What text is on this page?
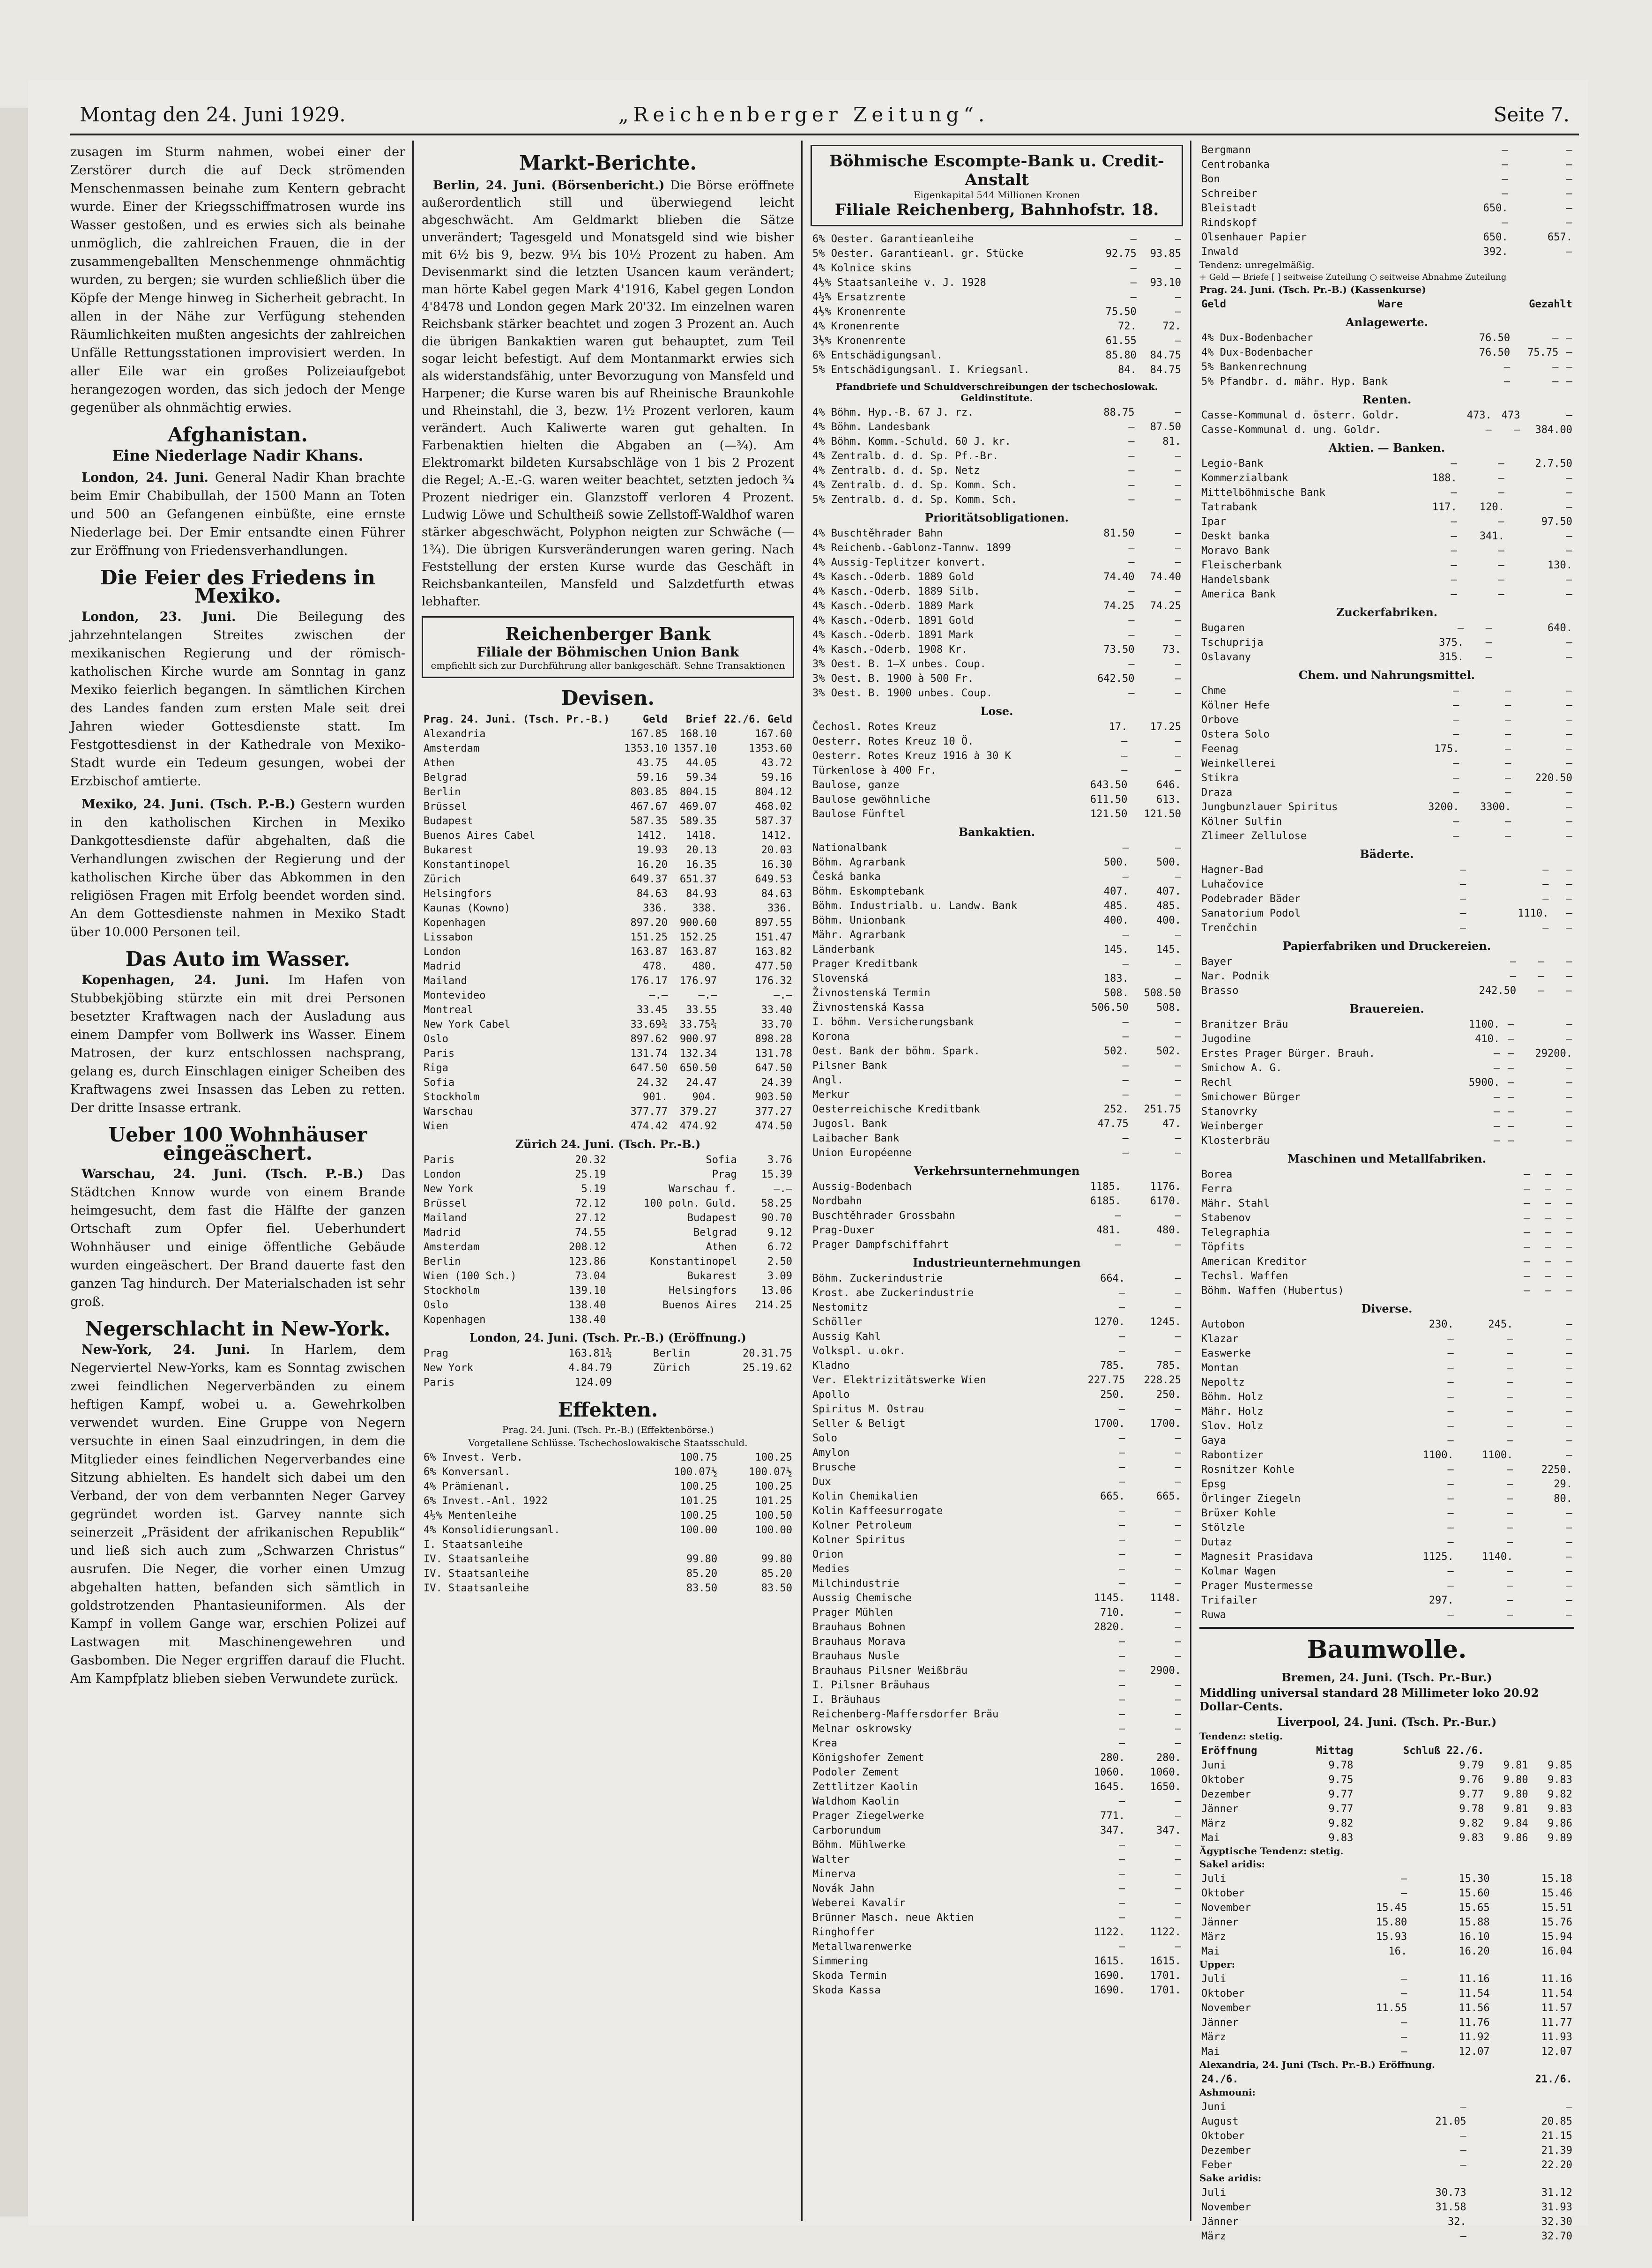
Montag den 24. Juni 1929.	„Reichenberger Zeitung“.	Seite 7.

zusagen im Sturm nahmen, wobei einer der Zerstörer durch die auf Deck strömenden Menschenmassen beinahe zum Kentern gebracht wurde. Einer der Kriegsschiffmatrosen wurde ins Wasser gestoßen, und es erwies sich als beinahe unmöglich, die zahlreichen Frauen, die in der zusammengeballten Menschenmenge ohnmächtig wurden, zu bergen; sie wurden schließlich über die Köpfe der Menge hinweg in Sicherheit gebracht. In allen in der Nähe zur Verfügung stehenden Räumlichkeiten mußten angesichts der zahlreichen Unfälle Rettungsstationen improvisiert werden. In aller Eile war ein großes Polizeiaufgebot herangezogen worden, das sich jedoch der Menge gegenüber als ohnmächtig erwies.

Afghanistan.
Eine Niederlage Nadir Khans.

London, 24. Juni. General Nadir Khan brachte beim Emir Chabibullah, der 1500 Mann an Toten und 500 an Gefangenen einbüßte, eine ernste Niederlage bei. Der Emir entsandte einen Führer zur Eröffnung von Friedensverhandlungen.

Die Feier des Friedens in Mexiko.

London, 23. Juni. Die Beilegung des jahrzehntelangen Streites zwischen der mexikanischen Regierung und der römisch-katholischen Kirche wurde am Sonntag in ganz Mexiko feierlich begangen. In sämtlichen Kirchen des Landes fanden zum ersten Male seit drei Jahren wieder Gottesdienste statt. Im Festgottesdienst in der Kathedrale von Mexiko-Stadt wurde ein Tedeum gesungen, wobei der Erzbischof amtierte.

Mexiko, 24. Juni. (Tsch. P.-B.) Gestern wurden in den katholischen Kirchen in Mexiko Dankgottesdienste dafür abgehalten, daß die Verhandlungen zwischen der Regierung und der katholischen Kirche über das Abkommen in den religiösen Fragen mit Erfolg beendet worden sind. An dem Gottesdienste nahmen in Mexiko Stadt über 10.000 Personen teil.

Das Auto im Wasser.

Kopenhagen, 24. Juni. Im Hafen von Stubbekjöbing stürzte ein mit drei Personen besetzter Kraftwagen nach der Ausladung aus einem Dampfer vom Bollwerk ins Wasser. Einem Matrosen, der kurz entschlossen nachsprang, gelang es, durch Einschlagen einiger Scheiben des Kraftwagens zwei Insassen das Leben zu retten. Der dritte Insasse ertrank.

Ueber 100 Wohnhäuser eingeäschert.

Warschau, 24. Juni. (Tsch. P.-B.) Das Städtchen Knnow wurde von einem Brande heimgesucht, dem fast die Hälfte der ganzen Ortschaft zum Opfer fiel. Ueberhundert Wohnhäuser und einige öffentliche Gebäude wurden eingeäschert. Der Brand dauerte fast den ganzen Tag hindurch. Der Materialschaden ist sehr groß.

Negerschlacht in New-York.

New-York, 24. Juni. In Harlem, dem Negerviertel New-Yorks, kam es Sonntag zwischen zwei feindlichen Negerverbänden zu einem heftigen Kampf, wobei u. a. Gewehrkolben verwendet wurden. Eine Gruppe von Negern versuchte in einen Saal einzudringen, in dem die Mitglieder eines feindlichen Negerverbandes eine Sitzung abhielten. Es handelt sich dabei um den Verband, der von dem verbannten Neger Garvey gegründet worden ist. Garvey nannte sich seinerzeit „Präsident der afrikanischen Republik“ und ließ sich auch zum „Schwarzen Christus“ ausrufen. Die Neger, die vorher einen Umzug abgehalten hatten, befanden sich sämtlich in goldstrotzenden Phantasieuniformen. Als der Kampf in vollem Gange war, erschien Polizei auf Lastwagen mit Maschinengewehren und Gasbomben. Die Neger ergriffen darauf die Flucht. Am Kampfplatz blieben sieben Verwundete zurück.

Markt-Berichte.

Berlin, 24. Juni. (Börsenbericht.) Die Börse eröffnete außerordentlich still und überwiegend leicht abgeschwächt. Am Geldmarkt blieben die Sätze unverändert; Tagesgeld und Monatsgeld sind wie bisher mit 6½ bis 9, bezw. 9¼ bis 10½ Prozent zu haben. Am Devisenmarkt sind die letzten Usancen kaum verändert; man hörte Kabel gegen Mark 4'1916, Kabel gegen London 4'8478 und London gegen Mark 20'32. Im einzelnen waren Reichsbank stärker beachtet und zogen 3 Prozent an. Auch die übrigen Bankaktien waren gut behauptet, zum Teil sogar leicht befestigt. Auf dem Montanmarkt erwies sich als widerstandsfähig, unter Bevorzugung von Mansfeld und Harpener; die Kurse waren bis auf Rheinische Braunkohle und Rheinstahl, die 3, bezw. 1½ Prozent verloren, kaum verändert. Auch Kaliwerte waren gut gehalten. In Farbenaktien hielten die Abgaben an (—¾). Am Elektromarkt bildeten Kursabschläge von 1 bis 2 Prozent die Regel; A.-E.-G. waren weiter beachtet, setzten jedoch ¾ Prozent niedriger ein. Glanzstoff verloren 4 Prozent. Ludwig Löwe und Schultheiß sowie Zellstoff-Waldhof waren stärker abgeschwächt, Polyphon neigten zur Schwäche (—1¾). Die übrigen Kursveränderungen waren gering. Nach Feststellung der ersten Kurse wurde das Geschäft in Reichsbankanteilen, Mansfeld und Salzdetfurth etwas lebhafter.

Reichenberger Bank
Filiale der Böhmischen Union Bank
empfiehlt sich zur Durchführung aller bankgeschäft. Sehne Transaktionen
Devisen.
Prag. 24. Juni. (Tsch. Pr.-B.)	Geld	Brief	22./6. Geld
Alexandria	167.85	168.10	167.60
Amsterdam	1353.10	1357.10	1353.60
Athen	43.75	44.05	43.72
Belgrad	59.16	59.34	59.16
Berlin	803.85	804.15	804.12
Brüssel	467.67	469.07	468.02
Budapest	587.35	589.35	587.37
Buenos Aires Cabel	1412.	1418.	1412.
Bukarest	19.93	20.13	20.03
Konstantinopel	16.20	16.35	16.30
Zürich	649.37	651.37	649.53
Helsingfors	84.63	84.93	84.63
Kaunas (Kowno)	336.	338.	336.
Kopenhagen	897.20	900.60	897.55
Lissabon	151.25	152.25	151.47
London	163.87	163.87	163.82
Madrid	478.	480.	477.50
Mailand	176.17	176.97	176.32
Montevideo	—.—	—.—	—.—
Montreal	33.45	33.55	33.40
New York Cabel	33.69¾	33.75¾	33.70
Oslo	897.62	900.97	898.28
Paris	131.74	132.34	131.78
Riga	647.50	650.50	647.50
Sofia	24.32	24.47	24.39
Stockholm	901.	904.	903.50
Warschau	377.77	379.27	377.27
Wien	474.42	474.92	474.50
Zürich 24. Juni. (Tsch. Pr.-B.)
Paris	20.32	Sofia	3.76
London	25.19	Prag	15.39
New York	5.19	Warschau f.	—.—
Brüssel	72.12	100 poln. Guld.	58.25
Mailand	27.12	Budapest	90.70
Madrid	74.55	Belgrad	9.12
Amsterdam	208.12	Athen	6.72
Berlin	123.86	Konstantinopel	2.50
Wien (100 Sch.)	73.04	Bukarest	3.09
Stockholm	139.10	Helsingfors	13.06
Oslo	138.40	Buenos Aires	214.25
Kopenhagen	138.40		
London, 24. Juni. (Tsch. Pr.-B.) (Eröffnung.)
Prag	163.81¾	Berlin	20.31.75
New York	4.84.79	Zürich	25.19.62
Paris	124.09		
Effekten.
Prag. 24. Juni. (Tsch. Pr.-B.) (Effektenbörse.)
Vorgetallene Schlüsse. Tschechoslowakische Staatsschuld.
6% Invest. Verb.	100.75	100.25
6% Konversanl.	100.07½	100.07½
4% Prämienanl.	100.25	100.25
6% Invest.-Anl. 1922	101.25	101.25
4½% Mentenleihe	100.25	100.50
4% Konsolidierungsanl.	100.00	100.00
I. Staatsanleihe		
IV. Staatsanleihe	99.80	99.80
IV. Staatsanleihe	85.20	85.20
IV. Staatsanleihe	83.50	83.50
Böhmische Escompte-Bank u. Credit-Anstalt
Eigenkapital 544 Millionen Kronen
Filiale Reichenberg, Bahnhofstr. 18.
6% Oester. Garantieanleihe	—	—
5% Oester. Garantieanl. gr. Stücke	92.75	93.85
4% Kolnice skins	—	—
4½% Staatsanleihe v. J. 1928	—	93.10
4½% Ersatzrente	—	—
4½% Kronenrente	75.50	—
4% Kronenrente	72.	72.
3½% Kronenrente	61.55	—
6% Entschädigungsanl.	85.80	84.75
5% Entschädigungsanl. I. Kriegsanl.	84.	84.75
Pfandbriefe und Schuldverschreibungen der tschechoslowak. Geldinstitute.
4% Böhm. Hyp.-B. 67 J. rz.	88.75	—
4% Böhm. Landesbank	—	87.50
4% Böhm. Komm.-Schuld. 60 J. kr.	—	81.
4% Zentralb. d. d. Sp. Pf.-Br.	—	—
4% Zentralb. d. d. Sp. Netz	—	—
4% Zentralb. d. d. Sp. Komm. Sch.	—	—
5% Zentralb. d. d. Sp. Komm. Sch.	—	—
Prioritätsobligationen.
4% Buschtěhrader Bahn	81.50	—
4% Reichenb.-Gablonz-Tannw. 1899	—	—
4% Aussig-Teplitzer konvert.	—	—
4% Kasch.-Oderb. 1889 Gold	74.40	74.40
4% Kasch.-Oderb. 1889 Silb.	—	—
4% Kasch.-Oderb. 1889 Mark	74.25	74.25
4% Kasch.-Oderb. 1891 Gold	—	—
4% Kasch.-Oderb. 1891 Mark	—	—
4% Kasch.-Oderb. 1908 Kr.	73.50	73.
3% Oest. B. 1—X unbes. Coup.	—	—
3% Oest. B. 1900 à 500 Fr.	642.50	—
3% Oest. B. 1900 unbes. Coup.	—	—
Lose.
Čechosl. Rotes Kreuz	17.	17.25
Oesterr. Rotes Kreuz 10 Ö.	—	—
Oesterr. Rotes Kreuz 1916 à 30 K	—	—
Türkenlose à 400 Fr.	—	—
Baulose, ganze	643.50	646.
Baulose gewöhnliche	611.50	613.
Baulose Fünftel	121.50	121.50
Bankaktien.
Nationalbank	—	—
Böhm. Agrarbank	500.	500.
Česká banka	—	—
Böhm. Eskomptebank	407.	407.
Böhm. Industrialb. u. Landw. Bank	485.	485.
Böhm. Unionbank	400.	400.
Mähr. Agrarbank	—	—
Länderbank	145.	145.
Prager Kreditbank	—	—
Slovenská	183.	—
Živnostenská Termin	508.	508.50
Živnostenská Kassa	506.50	508.
I. böhm. Versicherungsbank	—	—
Korona	—	—
Oest. Bank der böhm. Spark.	502.	502.
Pilsner Bank	—	—
Angl.	—	—
Merkur	—	—
Oesterreichische Kreditbank	252.	251.75
Jugosl. Bank	47.75	47.
Laibacher Bank	—	—
Union Européenne	—	—
Verkehrsunternehmungen
Aussig-Bodenbach	1185.	1176.
Nordbahn	6185.	6170.
Buschtěhrader Grossbahn	—	—
Prag-Duxer	481.	480.
Prager Dampfschiffahrt	—	—
Industrieunternehmungen
Böhm. Zuckerindustrie	664.	—
Krost. abe Zuckerindustrie	—	—
Nestomitz	—	—
Schöller	1270.	1245.
Aussig Kahl	—	—
Volkspl. u.okr.	—	—
Kladno	785.	785.
Ver. Elektrizitätswerke Wien	227.75	228.25
Apollo	250.	250.
Spiritus M. Ostrau	—	—
Seller & Beligt	1700.	1700.
Solo	—	—
Amylon	—	—
Brusche	—	—
Dux	—	—
Kolin Chemikalien	665.	665.
Kolin Kaffeesurrogate	—	—
Kolner Petroleum	—	—
Kolner Spiritus	—	—
Orion	—	—
Medies	—	—
Milchindustrie	—	—
Aussig Chemische	1145.	1148.
Prager Mühlen	710.	—
Brauhaus Bohnen	2820.	—
Brauhaus Morava	—	—
Brauhaus Nusle	—	—
Brauhaus Pilsner Weißbräu	—	2900.
I. Pilsner Bräuhaus	—	—
I. Bräuhaus	—	—
Reichenberg-Maffersdorfer Bräu	—	—
Melnar oskrowsky	—	—
Krea	—	—
Königshofer Zement	280.	280.
Podoler Zement	1060.	1060.
Zettlitzer Kaolin	1645.	1650.
Waldhom Kaolin	—	—
Prager Ziegelwerke	771.	—
Carborundum	347.	347.
Böhm. Mühlwerke	—	—
Walter	—	—
Minerva	—	—
Novák Jahn	—	—
Weberei Kavalír	—	—
Brünner Masch. neue Aktien	—	—
Ringhoffer	1122.	1122.
Metallwarenwerke	—	—
Simmering	1615.	1615.
Skoda Termin	1690.	1701.
Skoda Kassa	1690.	1701.
Bergmann	—	—
Centrobanka	—	—
Bon	—	—
Schreiber	—	—
Bleistadt	650.	—
Rindskopf	—	—
Olsenhauer Papier	650.	657.
Inwald	392.	—
Tendenz: unregelmäßig.
+ Geld — Briefe [ ] seitweise Zuteilung ○ seitweise Abnahme Zuteilung
Prag. 24. Juni. (Tsch. Pr.-B.) (Kassenkurse)
Geld	Ware	Gezahlt
Anlagewerte.
4% Dux-Bodenbacher	76.50	—	—
4% Dux-Bodenbacher	76.50	75.75	—
5% Bankenrechnung	—	—	—
5% Pfandbr. d. mähr. Hyp. Bank	—	—	—
Renten.
Casse-Kommunal d. österr. Goldr.	473.	473	—
Casse-Kommunal d. ung. Goldr.	—	—	384.00
Aktien. — Banken.
Legio-Bank	—	—	2.7.50
Kommerzialbank	188.	—	—
Mittelböhmische Bank	—	—	—
Tatrabank	117.	120.	—
Ipar	—	—	97.50
Deskt banka	—	341.	—
Moravo Bank	—	—	—
Fleischerbank	—	—	130.
Handelsbank	—	—	—
America Bank	—	—	—
Zuckerfabriken.
Bugaren	—	—	640.
Tschuprija	375.	—	—
Oslavany	315.	—	—
Chem. und Nahrungsmittel.
Chme	—	—	—
Kölner Hefe	—	—	—
Orbove	—	—	—
Ostera Solo	—	—	—
Feenag	175.	—	—
Weinkellerei	—	—	—
Stikra	—	—	220.50
Draza	—	—	—
Jungbunzlauer Spiritus	3200.	3300.	—
Kölner Sulfin	—	—	—
Zlimeer Zellulose	—	—	—
Bäderte.
Hagner-Bad	—	—	—
Luhačovice	—	—	—
Podebrader Bäder	—	—	—
Sanatorium Podol	—	1110.	—
Trenčchin	—	—	—
Papierfabriken und Druckereien.
Bayer	—	—	—
Nar. Podnik	—	—	—
Brasso	242.50	—	—
Brauereien.
Branitzer Bräu	1100.	—	—
Jugodine	410.	—	—
Erstes Prager Bürger. Brauh.	—	—	29200.
Smichow A. G.	—	—	—
Rechl	5900.	—	—
Smichower Bürger	—	—	—
Stanovrky	—	—	—
Weinberger	—	—	—
Klosterbräu	—	—	—
Maschinen und Metallfabriken.
Borea	—	—	—
Ferra	—	—	—
Mähr. Stahl	—	—	—
Stabenov	—	—	—
Telegraphia	—	—	—
Töpfits	—	—	—
American Kreditor	—	—	—
Techsl. Waffen	—	—	—
Böhm. Waffen (Hubertus)	—	—	—
Diverse.
Autobon	230.	245.	—
Klazar	—	—	—
Easwerke	—	—	—
Montan	—	—	—
Nepoltz	—	—	—
Böhm. Holz	—	—	—
Mähr. Holz	—	—	—
Slov. Holz	—	—	—
Gaya	—	—	—
Rabontizer	1100.	1100.	—
Rosnitzer Kohle	—	—	2250.
Epsg	—	—	29.
Örlinger Ziegeln	—	—	80.
Brüxer Kohle	—	—	—
Stölzle	—	—	—
Dutaz	—	—	—
Magnesit Prasidava	1125.	1140.	—
Kolmar Wagen	—	—	—
Prager Mustermesse	—	—	—
Trifailer	297.	—	—
Ruwa	—	—	—
Baumwolle.
Bremen, 24. Juni. (Tsch. Pr.-Bur.)
Middling universal standard 28 Millimeter loko 20.92 Dollar-Cents.
Liverpool, 24. Juni. (Tsch. Pr.-Bur.)
Tendenz: stetig.
Eröffnung	Mittag	Schluß 22./6.		
Juni	9.78	9.79	9.81	9.85
Oktober	9.75	9.76	9.80	9.83
Dezember	9.77	9.77	9.80	9.82
Jänner	9.77	9.78	9.81	9.83
März	9.82	9.82	9.84	9.86
Mai	9.83	9.83	9.86	9.89
Ägyptische Tendenz: stetig.
Sakel aridis:
Juli	—	15.30	15.18
Oktober	—	15.60	15.46
November	15.45	15.65	15.51
Jänner	15.80	15.88	15.76
März	15.93	16.10	15.94
Mai	16.	16.20	16.04
Upper:
Juli	—	11.16	11.16
Oktober	—	11.54	11.54
November	11.55	11.56	11.57
Jänner	—	11.76	11.77
März	—	11.92	11.93
Mai	—	12.07	12.07
Alexandria, 24. Juni (Tsch. Pr.-B.) Eröffnung.
24./6.	21./6.
Ashmouni:
Juni	—	—
August	21.05	20.85
Oktober	—	21.15
Dezember	—	21.39
Feber	—	22.20
Sake aridis:
Juli	30.73	31.12
November	31.58	31.93
Jänner	32.	32.30
März	—	32.70
